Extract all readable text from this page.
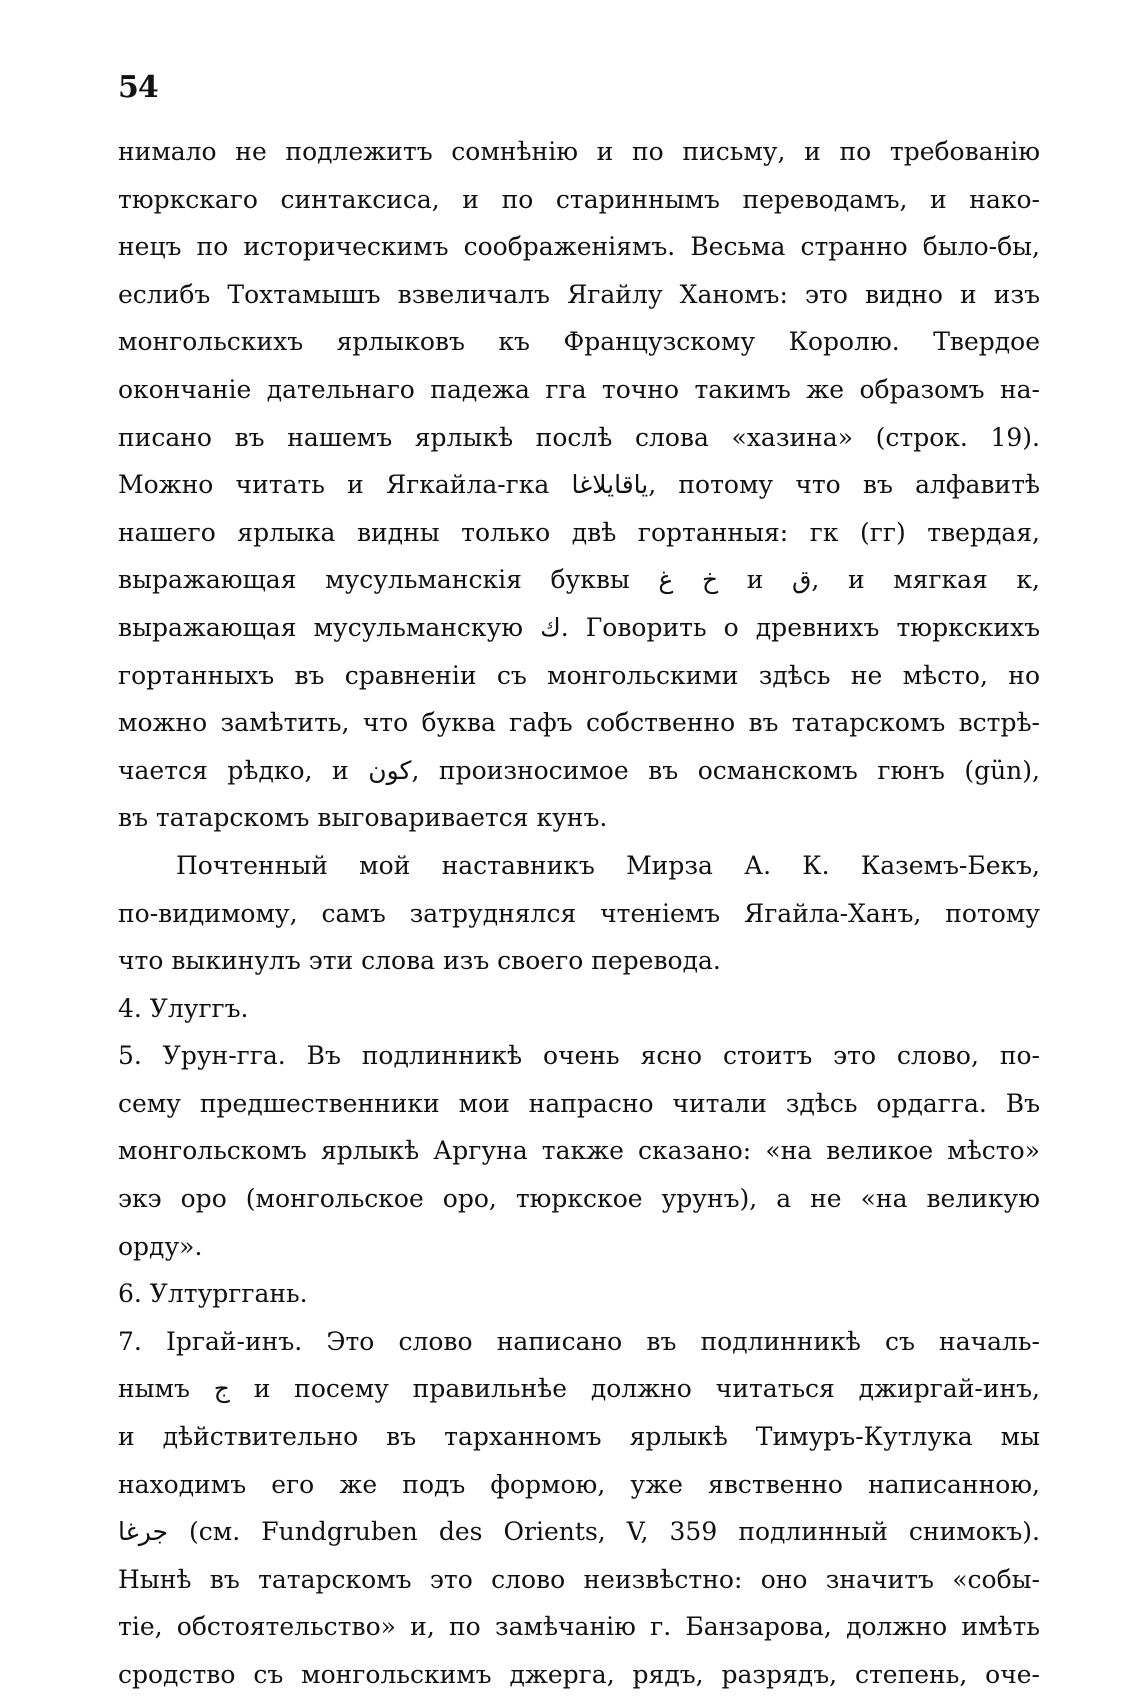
54
нимало не подлежитъ сомнѣнію и по письму, и по требованію
тюркскаго синтаксиса, и по стариннымъ переводамъ, и нако-
нецъ по историческимъ соображеніямъ. Весьма странно было-бы,
еслибъ Тохтамышъ взвеличалъ Ягайлу Ханомъ: это видно и изъ
монгольскихъ ярлыковъ къ Французскому Королю. Твердое
окончаніе дательнаго падежа гга точно такимъ же образомъ на-
писано въ нашемъ ярлыкѣ послѣ слова «хазина» (строк. 19).
Можно читать и Ягкайла-гка ياقايلاغا, потому что въ алфавитѣ
нашего ярлыка видны только двѣ гортанныя: гк (гг) твердая,
выражающая мусульманскія буквы خ غ и ق, и мягкая к,
выражающая мусульманскую ك. Говорить о древнихъ тюркскихъ
гортанныхъ въ сравненіи съ монгольскими здѣсь не мѣсто, но
можно замѣтить, что буква гафъ собственно въ татарскомъ встрѣ-
чается рѣдко, и كون, произносимое въ османскомъ гюнъ (gün),
въ татарскомъ выговаривается кунъ.
Почтенный мой наставникъ Мирза А. К. Каземъ-Бекъ,
по-видимому, самъ затруднялся чтеніемъ Ягайла-Ханъ, потому
что выкинулъ эти слова изъ своего перевода.
4. Улуггъ.
5. Урун-гга. Въ подлинникѣ очень ясно стоитъ это слово, по-
сему предшественники мои напрасно читали здѣсь ордагга. Въ
монгольскомъ ярлыкѣ Аргуна также сказано: «на великое мѣсто»
экэ оро (монгольское оро, тюркское урунъ), а не «на великую
орду».
6. Ултурггань.
7. Іргай-инъ. Это слово написано въ подлинникѣ съ началь-
нымъ ج и посему правильнѣе должно читаться джиргай-инъ,
и дѣйствительно въ тарханномъ ярлыкѣ Тимуръ-Кутлука мы
находимъ его же подъ формою, уже явственно написанною,
جرغا (см. Fundgruben des Orients, V, 359 подлинный снимокъ).
Нынѣ въ татарскомъ это слово неизвѣстно: оно значитъ «собы-
тіе, обстоятельство» и, по замѣчанію г. Банзарова, должно имѣть
сродство съ монгольскимъ джерга, рядъ, разрядъ, степень, оче-
